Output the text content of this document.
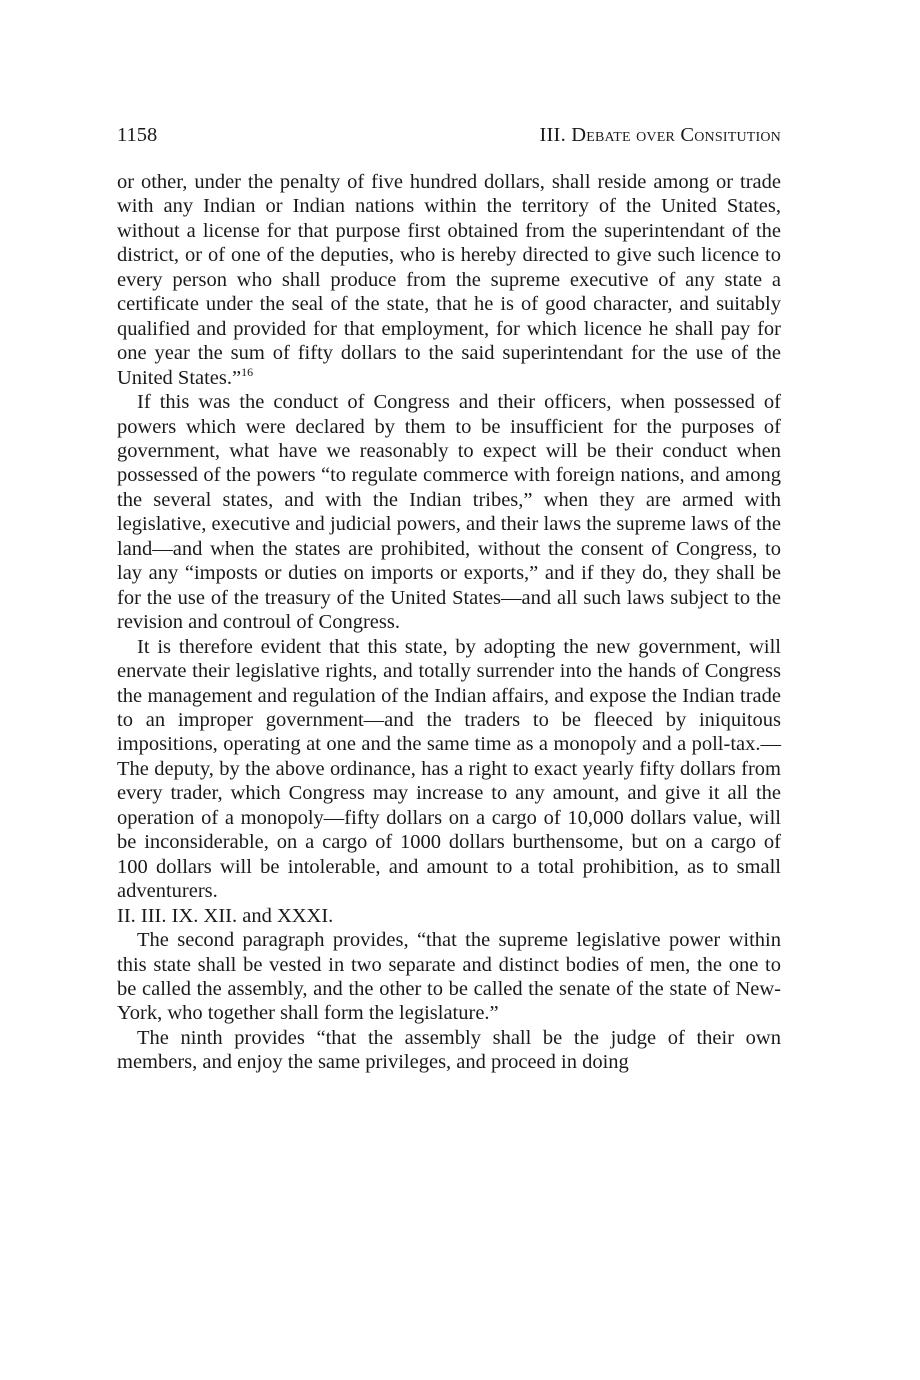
1158	III. Debate over Consitution

or other, under the penalty of five hundred dollars, shall reside among or trade with any Indian or Indian nations within the territory of the United States, without a license for that purpose first obtained from the superintendant of the district, or of one of the deputies, who is hereby directed to give such licence to every person who shall produce from the supreme executive of any state a certificate under the seal of the state, that he is of good character, and suitably qualified and provided for that employment, for which licence he shall pay for one year the sum of fifty dollars to the said superintendant for the use of the United States.”$^{16}$

If this was the conduct of Congress and their officers, when possessed of powers which were declared by them to be insufficient for the purposes of government, what have we reasonably to expect will be their conduct when possessed of the powers “to regulate commerce with foreign nations, and among the several states, and with the Indian tribes,” when they are armed with legislative, executive and judicial powers, and their laws the supreme laws of the land—and when the states are prohibited, without the consent of Congress, to lay any “imposts or duties on imports or exports,” and if they do, they shall be for the use of the treasury of the United States—and all such laws subject to the revision and controul of Congress.

It is therefore evident that this state, by adopting the new government, will enervate their legislative rights, and totally surrender into the hands of Congress the management and regulation of the Indian affairs, and expose the Indian trade to an improper government—and the traders to be fleeced by iniquitous impositions, operating at one and the same time as a monopoly and a poll-tax.—The deputy, by the above ordinance, has a right to exact yearly fifty dollars from every trader, which Congress may increase to any amount, and give it all the operation of a monopoly—fifty dollars on a cargo of 10,000 dollars value, will be inconsiderable, on a cargo of 1000 dollars burthensome, but on a cargo of 100 dollars will be intolerable, and amount to a total prohibition, as to small adventurers.

II. III. IX. XII. and XXXI.

The second paragraph provides, “that the supreme legislative power within this state shall be vested in two separate and distinct bodies of men, the one to be called the assembly, and the other to be called the senate of the state of New-York, who together shall form the legislature.”

The ninth provides “that the assembly shall be the judge of their own members, and enjoy the same privileges, and proceed in doing
